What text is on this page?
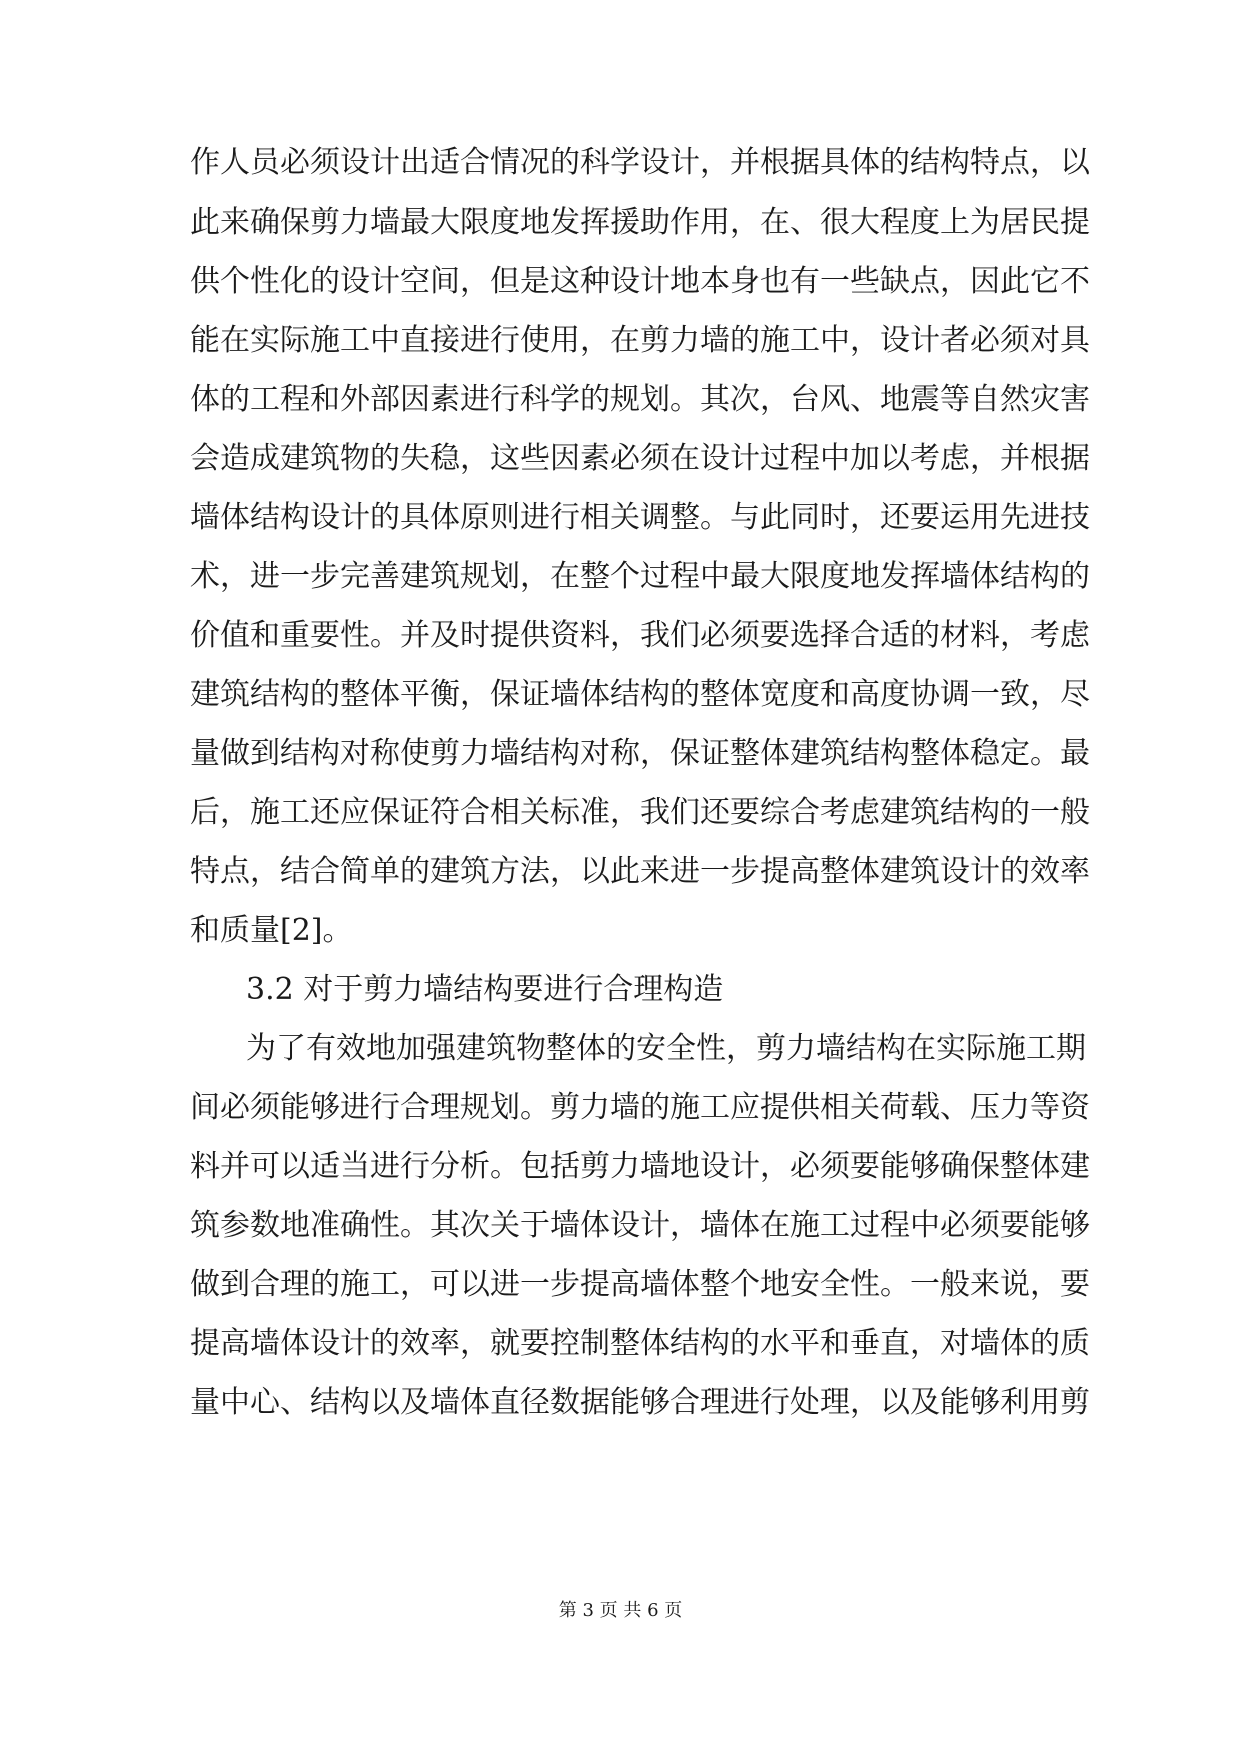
作人员必须设计出适合情况的科学设计，并根据具体的结构特点，以
此来确保剪力墙最大限度地发挥援助作用，在、很大程度上为居民提
供个性化的设计空间，但是这种设计地本身也有一些缺点，因此它不
能在实际施工中直接进行使用，在剪力墙的施工中，设计者必须对具
体的工程和外部因素进行科学的规划。其次，台风、地震等自然灾害
会造成建筑物的失稳，这些因素必须在设计过程中加以考虑，并根据
墙体结构设计的具体原则进行相关调整。与此同时，还要运用先进技
术，进一步完善建筑规划，在整个过程中最大限度地发挥墙体结构的
价值和重要性。并及时提供资料，我们必须要选择合适的材料，考虑
建筑结构的整体平衡，保证墙体结构的整体宽度和高度协调一致，尽
量做到结构对称使剪力墙结构对称，保证整体建筑结构整体稳定。最
后，施工还应保证符合相关标准，我们还要综合考虑建筑结构的一般
特点，结合简单的建筑方法，以此来进一步提高整体建筑设计的效率
和质量[2]。
3.2 对于剪力墙结构要进行合理构造
为了有效地加强建筑物整体的安全性，剪力墙结构在实际施工期
间必须能够进行合理规划。剪力墙的施工应提供相关荷载、压力等资
料并可以适当进行分析。包括剪力墙地设计，必须要能够确保整体建
筑参数地准确性。其次关于墙体设计，墙体在施工过程中必须要能够
做到合理的施工，可以进一步提高墙体整个地安全性。一般来说，要
提高墙体设计的效率，就要控制整体结构的水平和垂直，对墙体的质
量中心、结构以及墙体直径数据能够合理进行处理，以及能够利用剪
第 3 页 共 6 页
